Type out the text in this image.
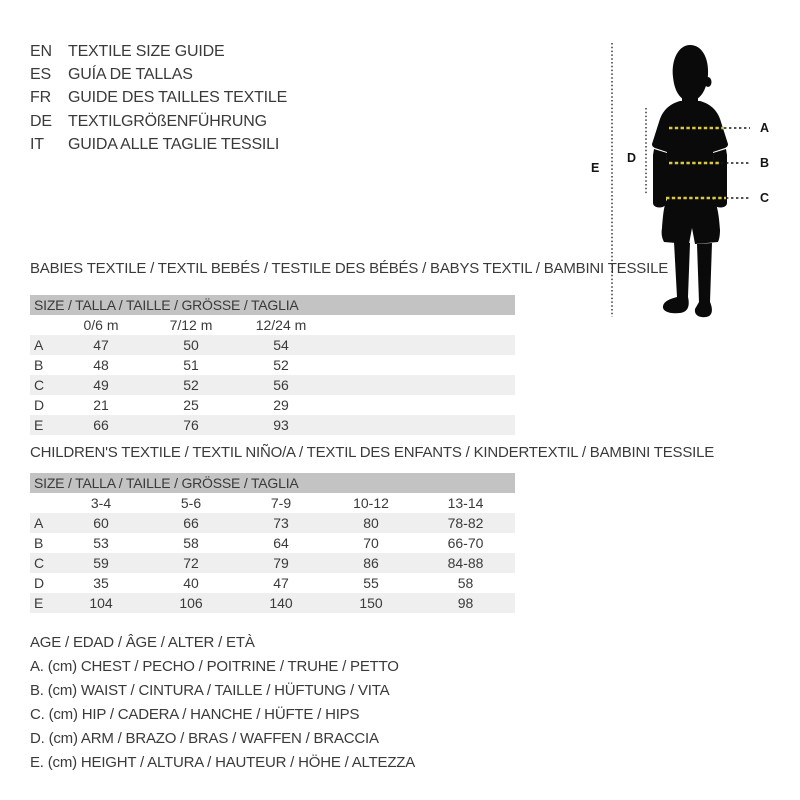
EN	TEXTILE SIZE GUIDE
ES	GUÍA DE TALLAS
FR	GUIDE DES TAILLES TEXTILE
DE	TEXTILGRÖßENFÜHRUNG
IT	GUIDA ALLE TAGLIE TESSILI
E
D
A
B
C
BABIES TEXTILE / TEXTIL BEBÉS / TESTILE DES BÉBÉS / BABYS TEXTIL / BAMBINI TESSILE
SIZE / TALLA / TAILLE / GRÖSSE / TAGLIA					
	0/6 m	7/12 m	12/24 m		
A	47	50	54		
B	48	51	52		
C	49	52	56		
D	21	25	29		
E	66	76	93		
CHILDREN'S TEXTILE / TEXTIL NIÑO/A / TEXTIL DES ENFANTS / KINDERTEXTIL / BAMBINI TESSILE
SIZE / TALLA / TAILLE / GRÖSSE / TAGLIA					
	3-4	5-6	7-9	10-12	13-14
A	60	66	73	80	78-82
B	53	58	64	70	66-70
C	59	72	79	86	84-88
D	35	40	47	55	58
E	104	106	140	150	98
AGE / EDAD / ÂGE / ALTER / ETÀ
A. (cm) CHEST / PECHO / POITRINE / TRUHE / PETTO
B. (cm) WAIST / CINTURA / TAILLE / HÜFTUNG / VITA
C. (cm) HIP / CADERA / HANCHE / HÜFTE / HIPS
D. (cm) ARM / BRAZO / BRAS / WAFFEN / BRACCIA
E. (cm) HEIGHT / ALTURA / HAUTEUR / HÖHE / ALTEZZA
